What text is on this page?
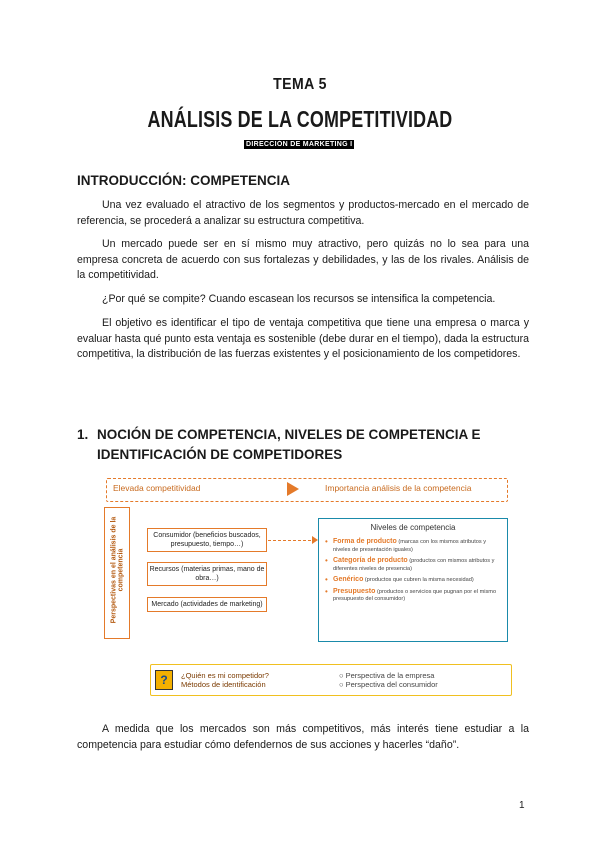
TEMA 5
ANÁLISIS DE LA COMPETITIVIDAD
DIRECCIÓN DE MARKETING I
INTRODUCCIÓN: COMPETENCIA
Una vez evaluado el atractivo de los segmentos y productos-mercado en el mercado de referencia, se procederá a analizar su estructura competitiva.
Un mercado puede ser en sí mismo muy atractivo, pero quizás no lo sea para una empresa concreta de acuerdo con sus fortalezas y debilidades, y las de los rivales. Análisis de la competitividad.
¿Por qué se compite? Cuando escasean los recursos se intensifica la competencia.
El objetivo es identificar el tipo de ventaja competitiva que tiene una empresa o marca y evaluar hasta qué punto esta ventaja es sostenible (debe durar en el tiempo), dada la estructura competitiva, la distribución de las fuerzas existentes y el posicionamiento de los competidores.
1. NOCIÓN DE COMPETENCIA, NIVELES DE COMPETENCIA E IDENTIFICACIÓN DE COMPETIDORES
Elevada competitividad	Importancia análisis de la competencia
Perspectivas en el análisis de la competencia
Consumidor (beneficios buscados, presupuesto, tiempo…)
Recursos (materias primas, mano de obra…)
Mercado (actividades de marketing)
Niveles de competencia
• Forma de producto (marcas con los mismos atributos y niveles de presentación iguales)
• Categoría de producto (productos con mismos atributos y diferentes niveles de presencia)
• Genérico (productos que cubren la misma necesidad)
• Presupuesto (productos o servicios que pugnan por el mismo presupuesto del consumidor)
?	¿Quién es mi competidor?
Métodos de identificación
○ Perspectiva de la empresa
○ Perspectiva del consumidor
A medida que los mercados son más competitivos, más interés tiene estudiar a la competencia para estudiar cómo defendernos de sus acciones y hacerles “daño”.
1
